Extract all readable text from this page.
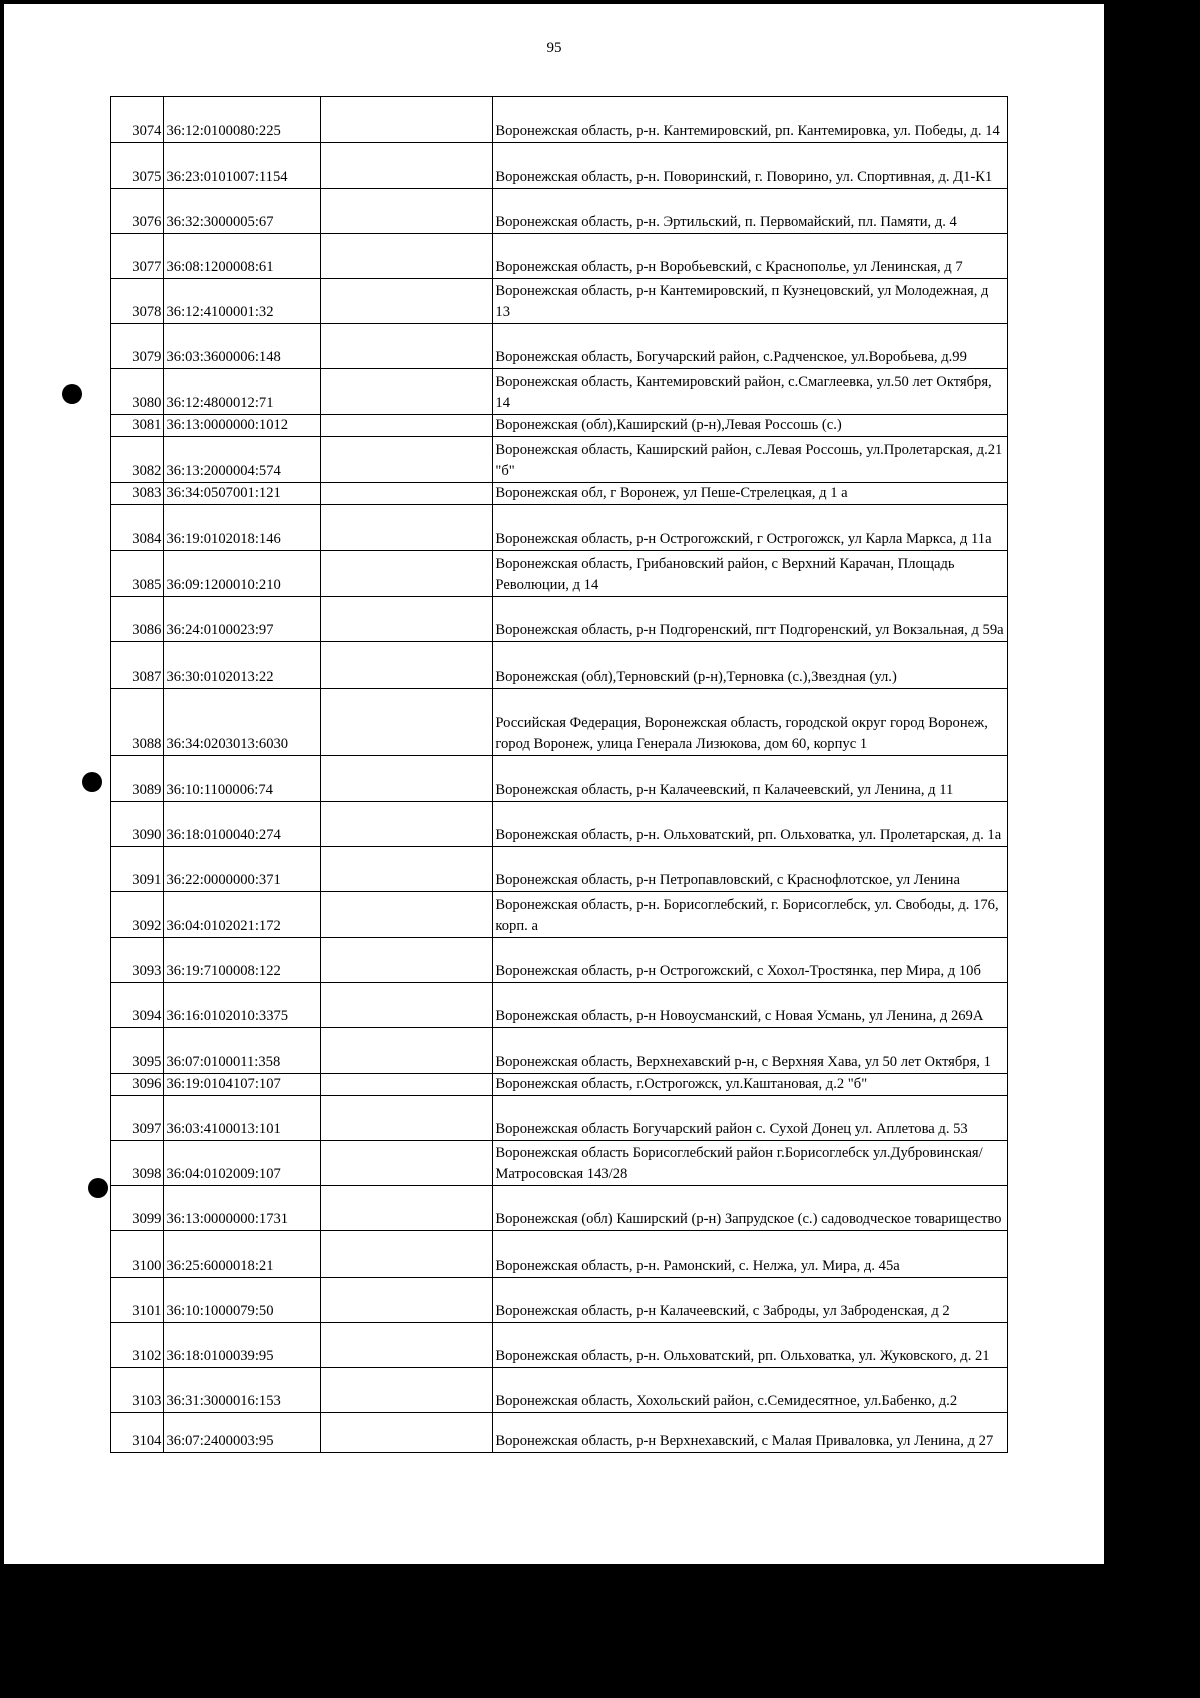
95
3074	36:12:0100080:225		Воронежская область, р-н. Кантемировский, рп. Кантемировка, ул. Победы, д. 14
3075	36:23:0101007:1154		Воронежская область, р-н. Поворинский, г. Поворино, ул. Спортивная, д. Д1-К1
3076	36:32:3000005:67		Воронежская область, р-н. Эртильский, п. Первомайский, пл. Памяти, д. 4
3077	36:08:1200008:61		Воронежская область, р-н Воробьевский, с Краснополье, ул Ленинская, д 7
3078	36:12:4100001:32		Воронежская область, р-н Кантемировский, п Кузнецовский, ул Молодежная, д 13
3079	36:03:3600006:148		Воронежская область, Богучарский район, с.Радченское, ул.Воробьева, д.99
3080	36:12:4800012:71		Воронежская область, Кантемировский район, с.Смаглеевка, ул.50 лет Октября, 14
3081	36:13:0000000:1012		Воронежская (обл),Каширский (р-н),Левая Россошь (с.)
3082	36:13:2000004:574		Воронежская область, Каширский район, с.Левая Россошь, ул.Пролетарская, д.21 "б"
3083	36:34:0507001:121		Воронежская обл, г Воронеж, ул Пеше-Стрелецкая, д 1 а
3084	36:19:0102018:146		Воронежская область, р-н Острогожский, г Острогожск, ул Карла Маркса, д 11а
3085	36:09:1200010:210		Воронежская область, Грибановский район, с Верхний Карачан, Площадь Революции, д 14
3086	36:24:0100023:97		Воронежская область, р-н Подгоренский, пгт Подгоренский, ул Вокзальная, д 59а
3087	36:30:0102013:22		Воронежская (обл),Терновский (р-н),Терновка (с.),Звездная (ул.)
3088	36:34:0203013:6030		Российская Федерация, Воронежская область, городской округ город Воронеж, город Воронеж, улица Генерала Лизюкова, дом 60, корпус 1
3089	36:10:1100006:74		Воронежская область, р-н Калачеевский, п Калачеевский, ул Ленина, д 11
3090	36:18:0100040:274		Воронежская область, р-н. Ольховатский, рп. Ольховатка, ул. Пролетарская, д. 1а
3091	36:22:0000000:371		Воронежская область, р-н Петропавловский, с Краснофлотское, ул Ленина
3092	36:04:0102021:172		Воронежская область, р-н. Борисоглебский, г. Борисоглебск, ул. Свободы, д. 176, корп. а
3093	36:19:7100008:122		Воронежская область, р-н Острогожский, с Хохол-Тростянка, пер Мира, д 10б
3094	36:16:0102010:3375		Воронежская область, р-н Новоусманский, с Новая Усмань, ул Ленина, д 269А
3095	36:07:0100011:358		Воронежская область, Верхнехавский р-н, с Верхняя Хава, ул 50 лет Октября, 1
3096	36:19:0104107:107		Воронежская область, г.Острогожск, ул.Каштановая, д.2 "б"
3097	36:03:4100013:101		Воронежская область Богучарский район с. Сухой Донец ул. Аплетова д. 53
3098	36:04:0102009:107		Воронежская область Борисоглебский район г.Борисоглебск ул.Дубровинская/Матросовская 143/28
3099	36:13:0000000:1731		Воронежская (обл) Каширский (р-н) Запрудское (с.) садоводческое товарищество
3100	36:25:6000018:21		Воронежская область, р-н. Рамонский, с. Нелжа, ул. Мира, д. 45а
3101	36:10:1000079:50		Воронежская область, р-н Калачеевский, с Заброды, ул Заброденская, д 2
3102	36:18:0100039:95		Воронежская область, р-н. Ольховатский, рп. Ольховатка, ул. Жуковского, д. 21
3103	36:31:3000016:153		Воронежская область, Хохольский район, с.Семидесятное, ул.Бабенко, д.2
3104	36:07:2400003:95		Воронежская область, р-н Верхнехавский, с Малая Приваловка, ул Ленина, д 27
